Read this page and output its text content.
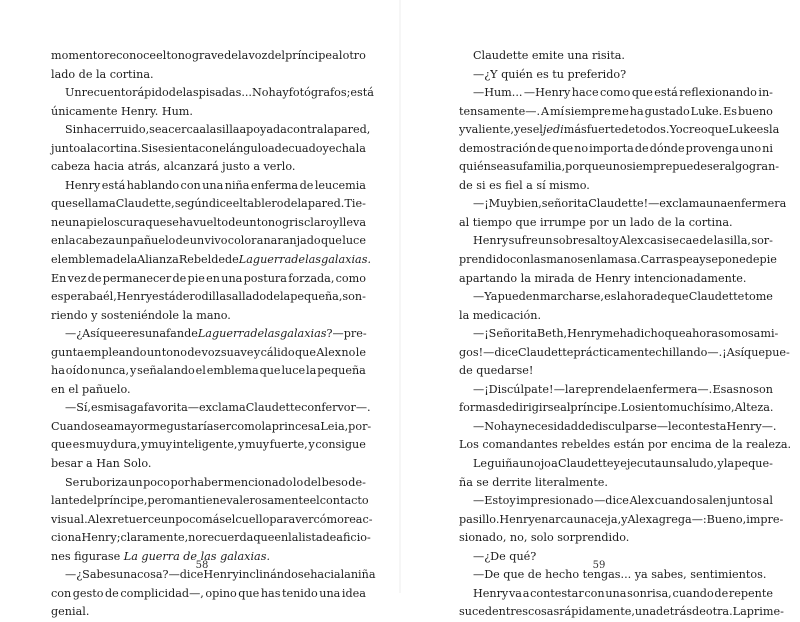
momento reconoce el tono grave de la voz del príncipe al otro
lado de la cortina.
Un recuento rápido de las pisadas... No hay fotógrafos; está
únicamente Henry. Hum.
Sin hacer ruido, se acerca a la silla apoyada contra la pared,
junto a la cortina. Si se sienta con el ángulo adecuado y echa la
cabeza hacia atrás, alcanzará justo a verlo.
Henry está hablando con una niña enferma de leucemia
que se llama Claudette, según dice el tablero de la pared. Tie-
ne una piel oscura que se ha vuelto de un tono gris claro y lleva
en la cabeza un pañuelo de un vivo color anaranjado que luce
el emblema de la Alianza Rebelde de La guerra de las galaxias.
En vez de permanecer de pie en una postura forzada, como
esperaba él, Henry está de rodillas al lado de la pequeña, son-
riendo y sosteniéndole la mano.
—¿Así que eres una fan de La guerra de las galaxias ? —pre-
gunta empleando un tono de voz suave y cálido que Alex no le
ha oído nunca, y señalando el emblema que luce la pequeña
en el pañuelo.
—Sí, es mi saga favorita —exclama Claudette con fervor—.
Cuando sea mayor me gustaría ser como la princesa Leia, por-
que es muy dura, y muy inteligente, y muy fuerte, y consigue
besar a Han Solo.
Se ruboriza un poco por haber mencionado lo del beso de-
lante del príncipe, pero mantiene valerosamente el contacto
visual. Alex retuerce un poco más el cuello para ver cómo reac-
ciona Henry; claramente, no recuerda que en la lista de aficio-
nes figurase La guerra de las galaxias.
—¿Sabes una cosa? —dice Henry inclinándose hacia la niña
con gesto de complicidad—, opino que has tenido una idea
genial.
58
Claudette emite una risita.
—¿Y quién es tu preferido?
—Hum... —Henry hace como que está reflexionando in-
tensamente—. A mí siempre me ha gustado Luke. Es bueno
y valiente, y es el jedi más fuerte de todos. Yo creo que Luke es la
demostración de que no importa de dónde provenga uno ni
quién sea su familia, porque uno siempre puede ser algo gran-
de si es fiel a sí mismo.
—¡Muy bien, señorita Claudette! —exclama una enfermera
al tiempo que irrumpe por un lado de la cortina.
Henry sufre un sobresalto y Alex casi se cae de la silla, sor-
prendido con las manos en la masa. Carraspea y se pone de pie
apartando la mirada de Henry intencionadamente.
—Ya pueden marcharse, es la hora de que Claudette tome
la medicación.
—¡Señorita Beth, Henry me ha dicho que ahora somos ami-
gos! —dice Claudette prácticamente chillando—. ¡Así que pue-
de quedarse!
—¡Discúlpate! —la reprende la enfermera—. Esas no son
formas de dirigirse al príncipe. Lo siento muchísimo, Alteza.
—No hay necesidad de disculparse —le contesta Henry—.
Los comandantes rebeldes están por encima de la realeza.
Le guiña un ojo a Claudette y ejecuta un saludo, y la peque-
ña se derrite literalmente.
—Estoy impresionado —dice Alex cuando salen juntos al
pasillo. Henry enarca una ceja, y Alex agrega—: Bueno, impre-
sionado, no, solo sorprendido.
—¿De qué?
—De que de hecho tengas... ya sabes, sentimientos.
Henry va a contestar con una sonrisa, cuando de repente
suceden tres cosas rápidamente, una detrás de otra. La prime-
59
